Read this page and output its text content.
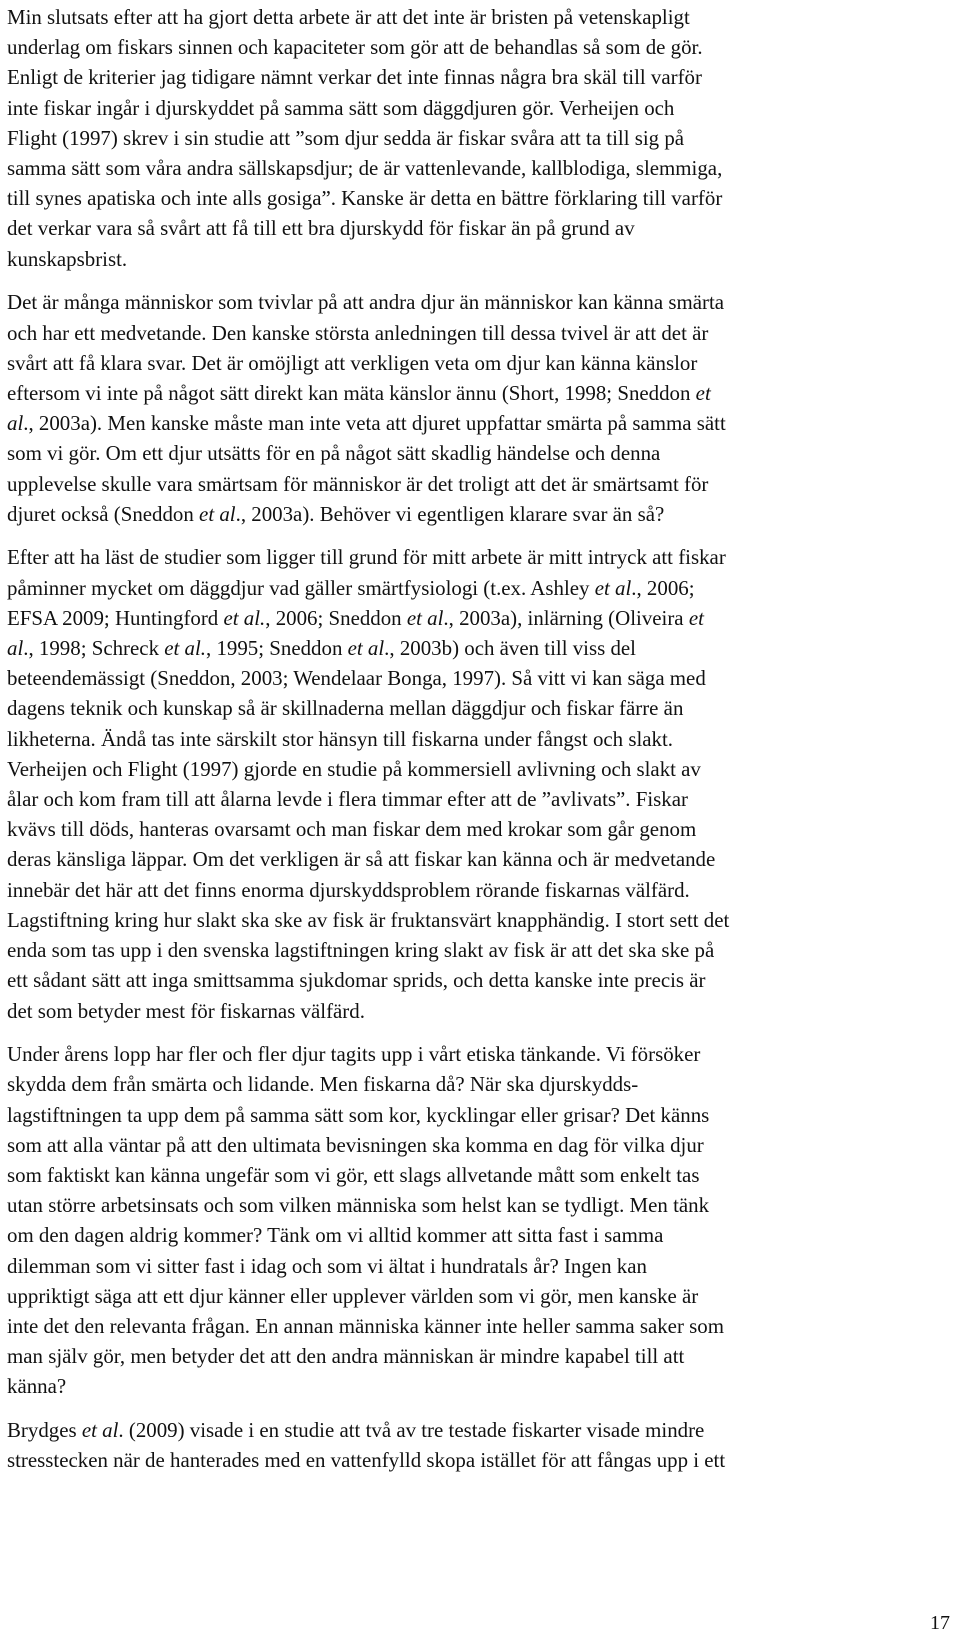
Min slutsats efter att ha gjort detta arbete är att det inte är bristen på vetenskapligt
underlag om fiskars sinnen och kapaciteter som gör att de behandlas så som de gör.
Enligt de kriterier jag tidigare nämnt verkar det inte finnas några bra skäl till varför
inte fiskar ingår i djurskyddet på samma sätt som däggdjuren gör. Verheijen och
Flight (1997) skrev i sin studie att ”som djur sedda är fiskar svåra att ta till sig på
samma sätt som våra andra sällskapsdjur; de är vattenlevande, kallblodiga, slemmiga,
till synes apatiska och inte alls gosiga”. Kanske är detta en bättre förklaring till varför
det verkar vara så svårt att få till ett bra djurskydd för fiskar än på grund av
kunskapsbrist.
Det är många människor som tvivlar på att andra djur än människor kan känna smärta
och har ett medvetande. Den kanske största anledningen till dessa tvivel är att det är
svårt att få klara svar. Det är omöjligt att verkligen veta om djur kan känna känslor
eftersom vi inte på något sätt direkt kan mäta känslor ännu (Short, 1998; Sneddon et
al., 2003a). Men kanske måste man inte veta att djuret uppfattar smärta på samma sätt
som vi gör. Om ett djur utsätts för en på något sätt skadlig händelse och denna
upplevelse skulle vara smärtsam för människor är det troligt att det är smärtsamt för
djuret också (Sneddon et al., 2003a). Behöver vi egentligen klarare svar än så?
Efter att ha läst de studier som ligger till grund för mitt arbete är mitt intryck att fiskar
påminner mycket om däggdjur vad gäller smärtfysiologi (t.ex. Ashley et al., 2006;
EFSA 2009; Huntingford et al., 2006; Sneddon et al., 2003a), inlärning (Oliveira et
al., 1998; Schreck et al., 1995; Sneddon et al., 2003b) och även till viss del
beteendemässigt (Sneddon, 2003; Wendelaar Bonga, 1997). Så vitt vi kan säga med
dagens teknik och kunskap så är skillnaderna mellan däggdjur och fiskar färre än
likheterna. Ändå tas inte särskilt stor hänsyn till fiskarna under fångst och slakt.
Verheijen och Flight (1997) gjorde en studie på kommersiell avlivning och slakt av
ålar och kom fram till att ålarna levde i flera timmar efter att de ”avlivats”. Fiskar
kvävs till döds, hanteras ovarsamt och man fiskar dem med krokar som går genom
deras känsliga läppar. Om det verkligen är så att fiskar kan känna och är medvetande
innebär det här att det finns enorma djurskyddsproblem rörande fiskarnas välfärd.
Lagstiftning kring hur slakt ska ske av fisk är fruktansvärt knapphändig. I stort sett det
enda som tas upp i den svenska lagstiftningen kring slakt av fisk är att det ska ske på
ett sådant sätt att inga smittsamma sjukdomar sprids, och detta kanske inte precis är
det som betyder mest för fiskarnas välfärd.
Under årens lopp har fler och fler djur tagits upp i vårt etiska tänkande. Vi försöker
skydda dem från smärta och lidande. Men fiskarna då? När ska djurskydds-
lagstiftningen ta upp dem på samma sätt som kor, kycklingar eller grisar? Det känns
som att alla väntar på att den ultimata bevisningen ska komma en dag för vilka djur
som faktiskt kan känna ungefär som vi gör, ett slags allvetande mått som enkelt tas
utan större arbetsinsats och som vilken människa som helst kan se tydligt. Men tänk
om den dagen aldrig kommer? Tänk om vi alltid kommer att sitta fast i samma
dilemman som vi sitter fast i idag och som vi ältat i hundratals år? Ingen kan
uppriktigt säga att ett djur känner eller upplever världen som vi gör, men kanske är
inte det den relevanta frågan. En annan människa känner inte heller samma saker som
man själv gör, men betyder det att den andra människan är mindre kapabel till att
känna?
Brydges et al. (2009) visade i en studie att två av tre testade fiskarter visade mindre
stresstecken när de hanterades med en vattenfylld skopa istället för att fångas upp i ett
17
